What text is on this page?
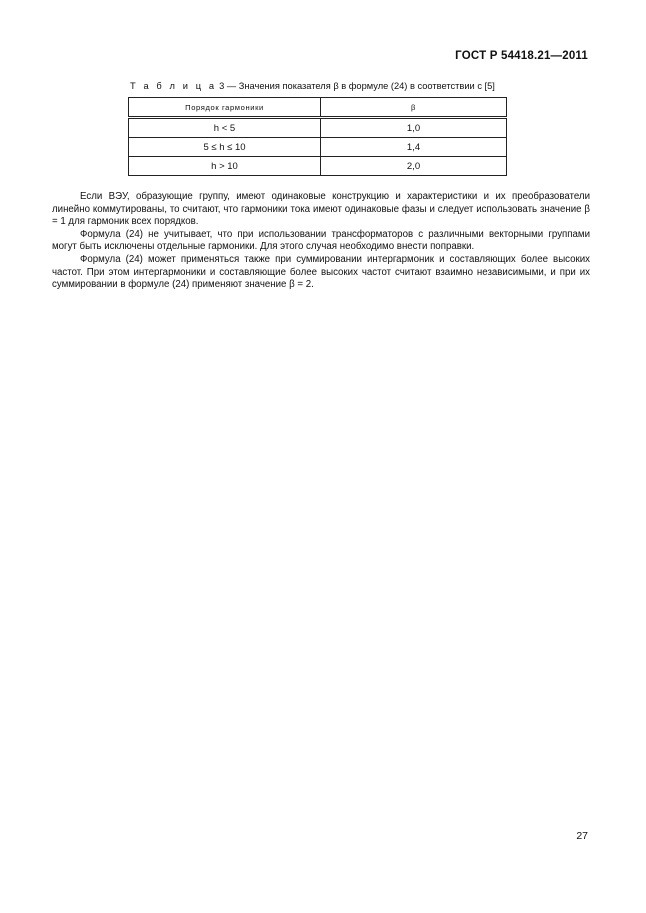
ГОСТ Р 54418.21—2011
Т а б л и ц а 3 — Значения показателя β в формуле (24) в соответствии с [5]
Порядок гармоники	β
h < 5	1,0
5 ≤ h ≤ 10	1,4
h > 10	2,0

Если ВЭУ, образующие группу, имеют одинаковые конструкцию и характеристики и их преобразователи линейно коммутированы, то считают, что гармоники тока имеют одинаковые фазы и следует использовать значение β = 1 для гармоник всех порядков.

Формула (24) не учитывает, что при использовании трансформаторов с различными векторными группами могут быть исключены отдельные гармоники. Для этого случая необходимо внести поправки.

Формула (24) может применяться также при суммировании интергармоник и составляющих более высоких частот. При этом интергармоники и составляющие более высоких частот считают взаимно независимыми, и при их суммировании в формуле (24) применяют значение β = 2.

27
